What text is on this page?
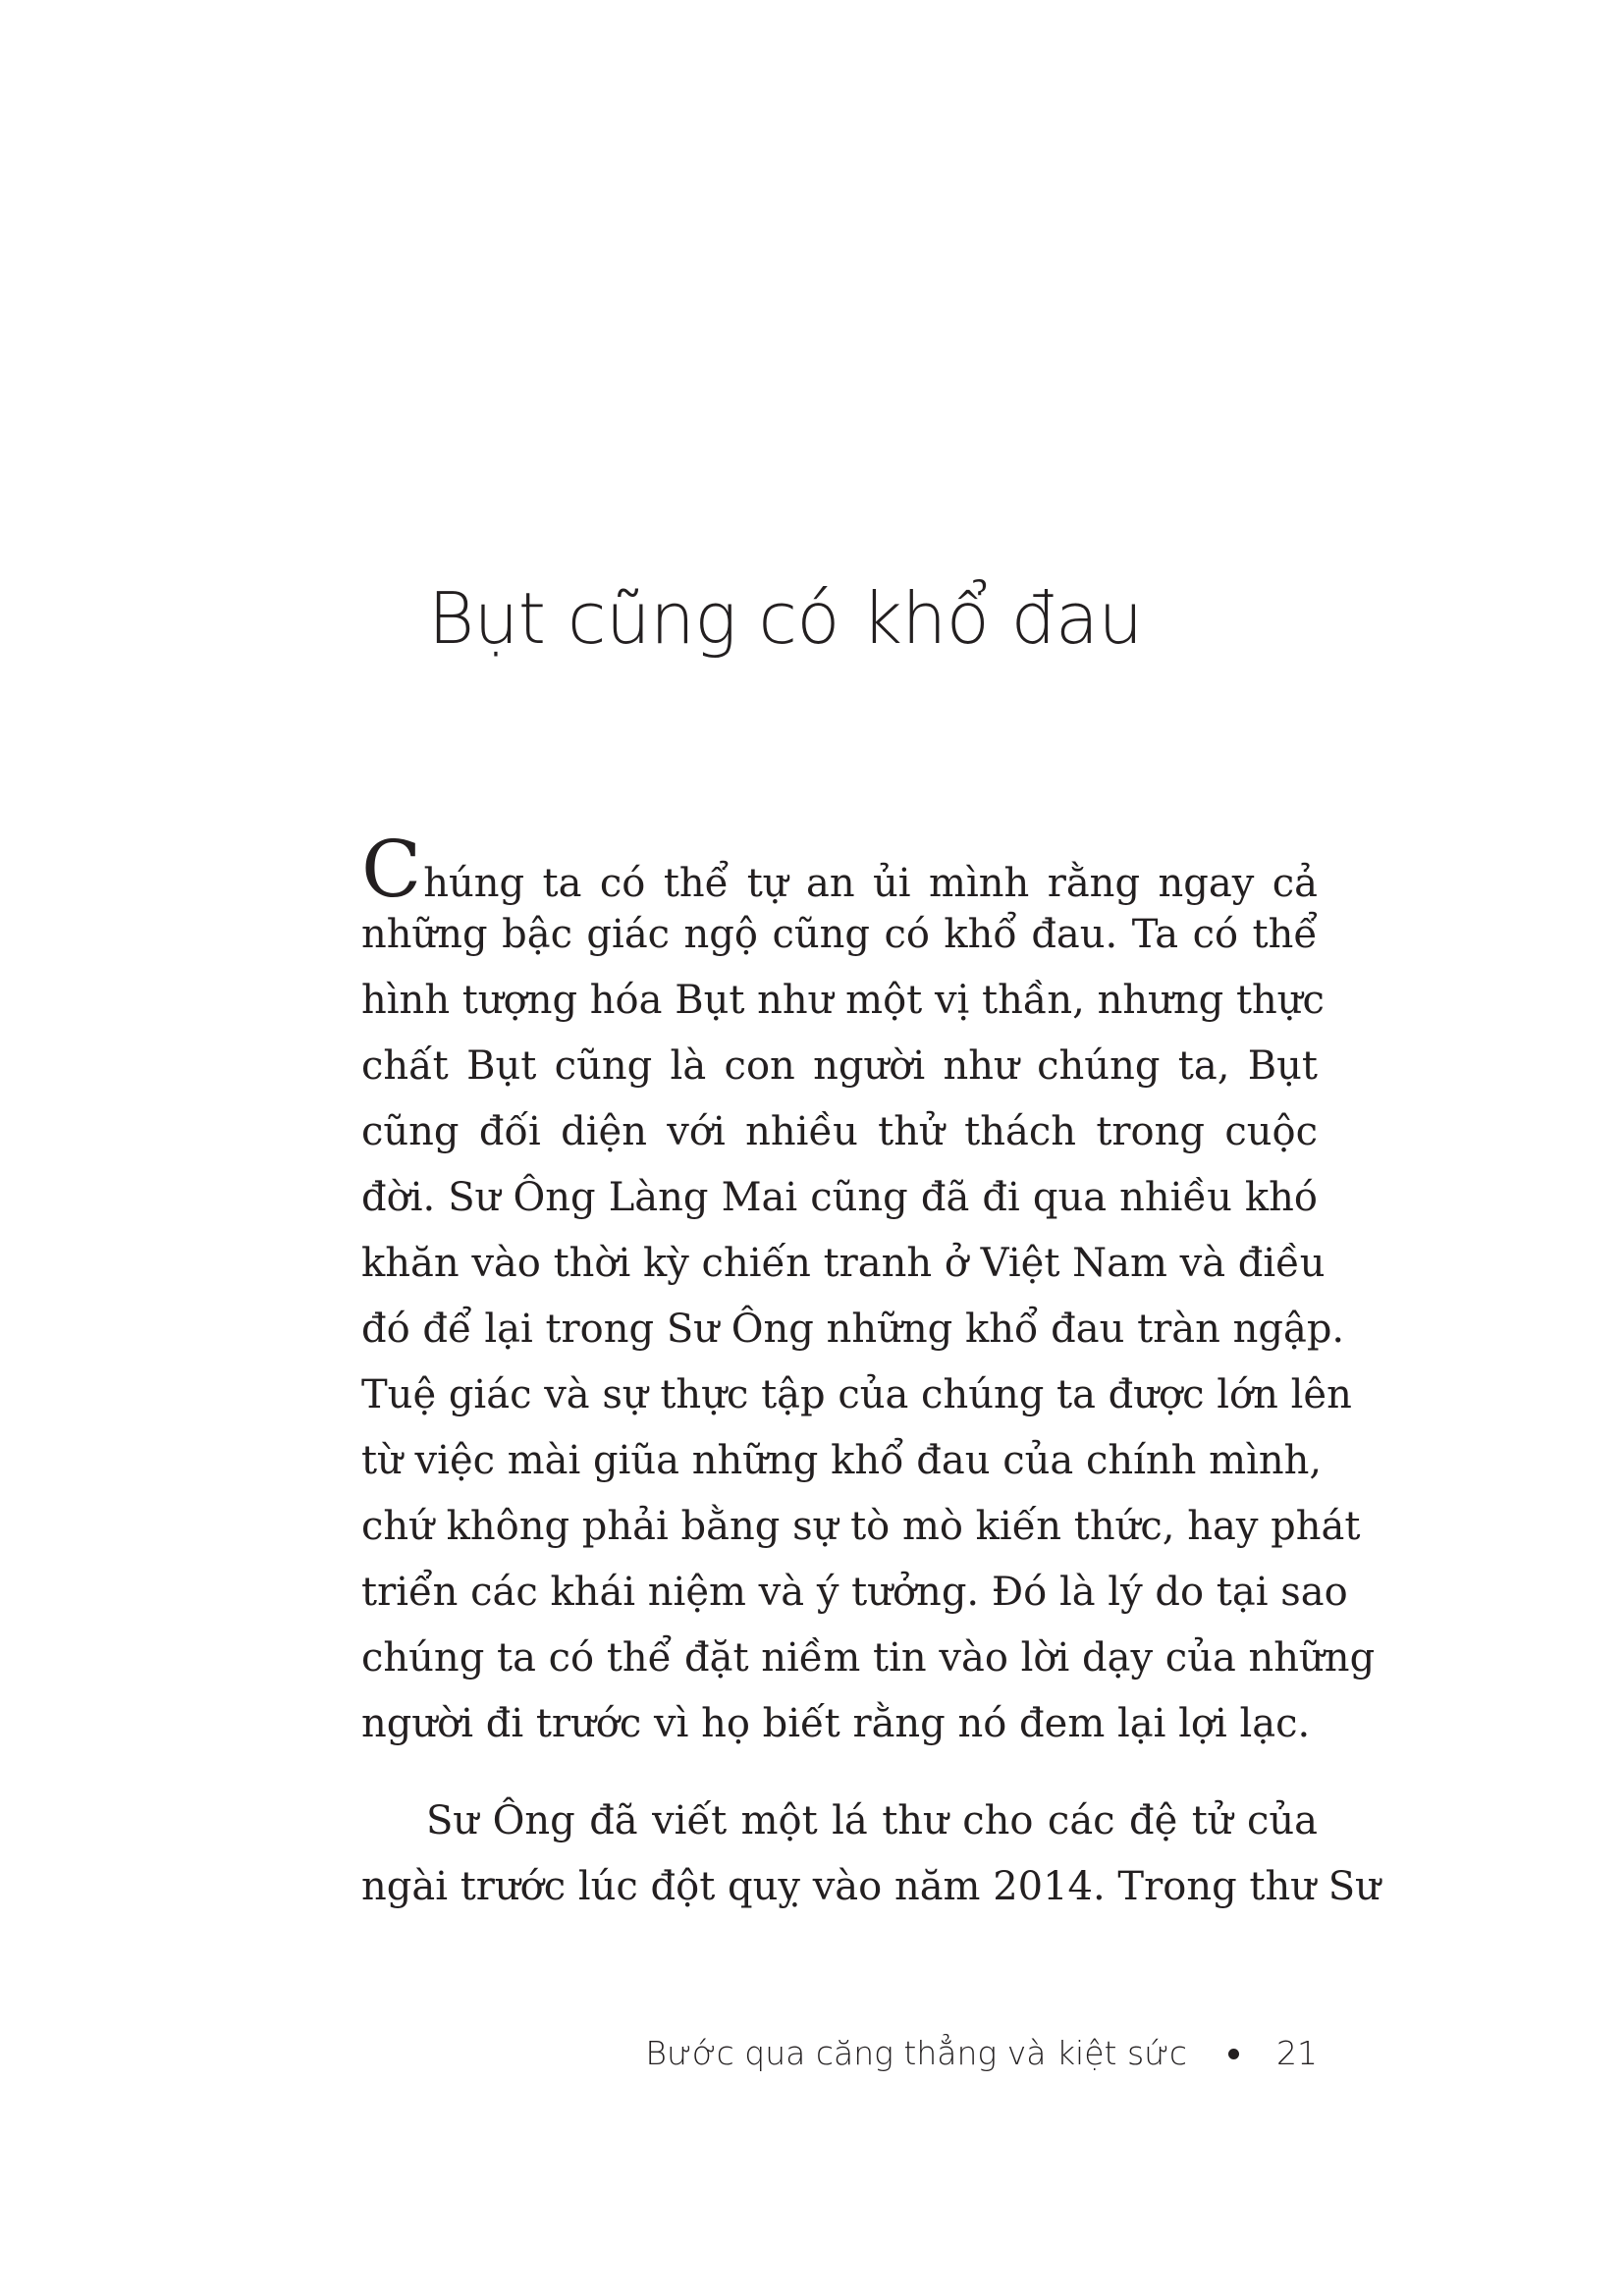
Bụt cũng có khổ đau
Chúng ta có thể tự an ủi mình rằng ngay cả
những bậc giác ngộ cũng có khổ đau. Ta có thể
hình tượng hóa Bụt như một vị thần, nhưng thực
chất Bụt cũng là con người như chúng ta, Bụt
cũng đối diện với nhiều thử thách trong cuộc
đời. Sư Ông Làng Mai cũng đã đi qua nhiều khó
khăn vào thời kỳ chiến tranh ở Việt Nam và điều
đó để lại trong Sư Ông những khổ đau tràn ngập.
Tuệ giác và sự thực tập của chúng ta được lớn lên
từ việc mài giũa những khổ đau của chính mình,
chứ không phải bằng sự tò mò kiến thức, hay phát
triển các khái niệm và ý tưởng. Đó là lý do tại sao
chúng ta có thể đặt niềm tin vào lời dạy của những
người đi trước vì họ biết rằng nó đem lại lợi lạc.
Sư Ông đã viết một lá thư cho các đệ tử của
ngài trước lúc đột quỵ vào năm 2014. Trong thư Sư
Bước qua căng thẳng và kiệt sức	21
